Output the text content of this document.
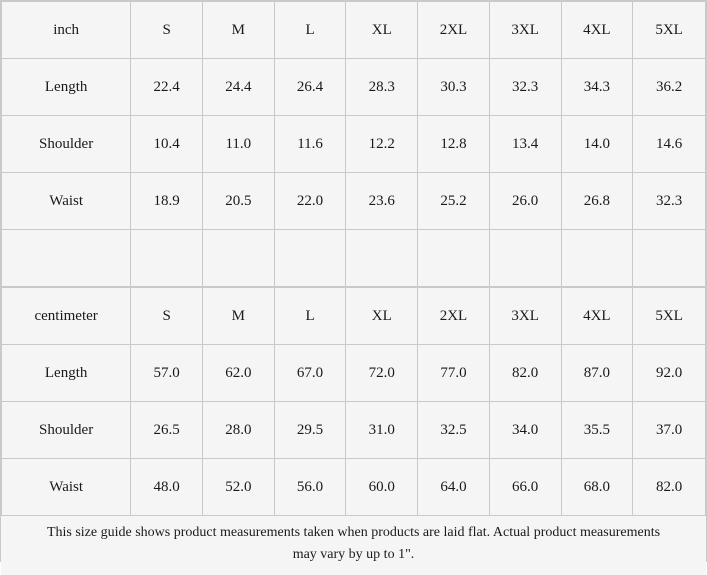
inch	S	M	L	XL	2XL	3XL	4XL	5XL
Length	22.4	24.4	26.4	28.3	30.3	32.3	34.3	36.2
Shoulder	10.4	11.0	11.6	12.2	12.8	13.4	14.0	14.6
Waist	18.9	20.5	22.0	23.6	25.2	26.0	26.8	32.3

centimeter	S	M	L	XL	2XL	3XL	4XL	5XL
Length	57.0	62.0	67.0	72.0	77.0	82.0	87.0	92.0
Shoulder	26.5	28.0	29.5	31.0	32.5	34.0	35.5	37.0
Waist	48.0	52.0	56.0	60.0	64.0	66.0	68.0	82.0
This size guide shows product measurements taken when products are laid flat. Actual product measurements may vary by up to 1".
